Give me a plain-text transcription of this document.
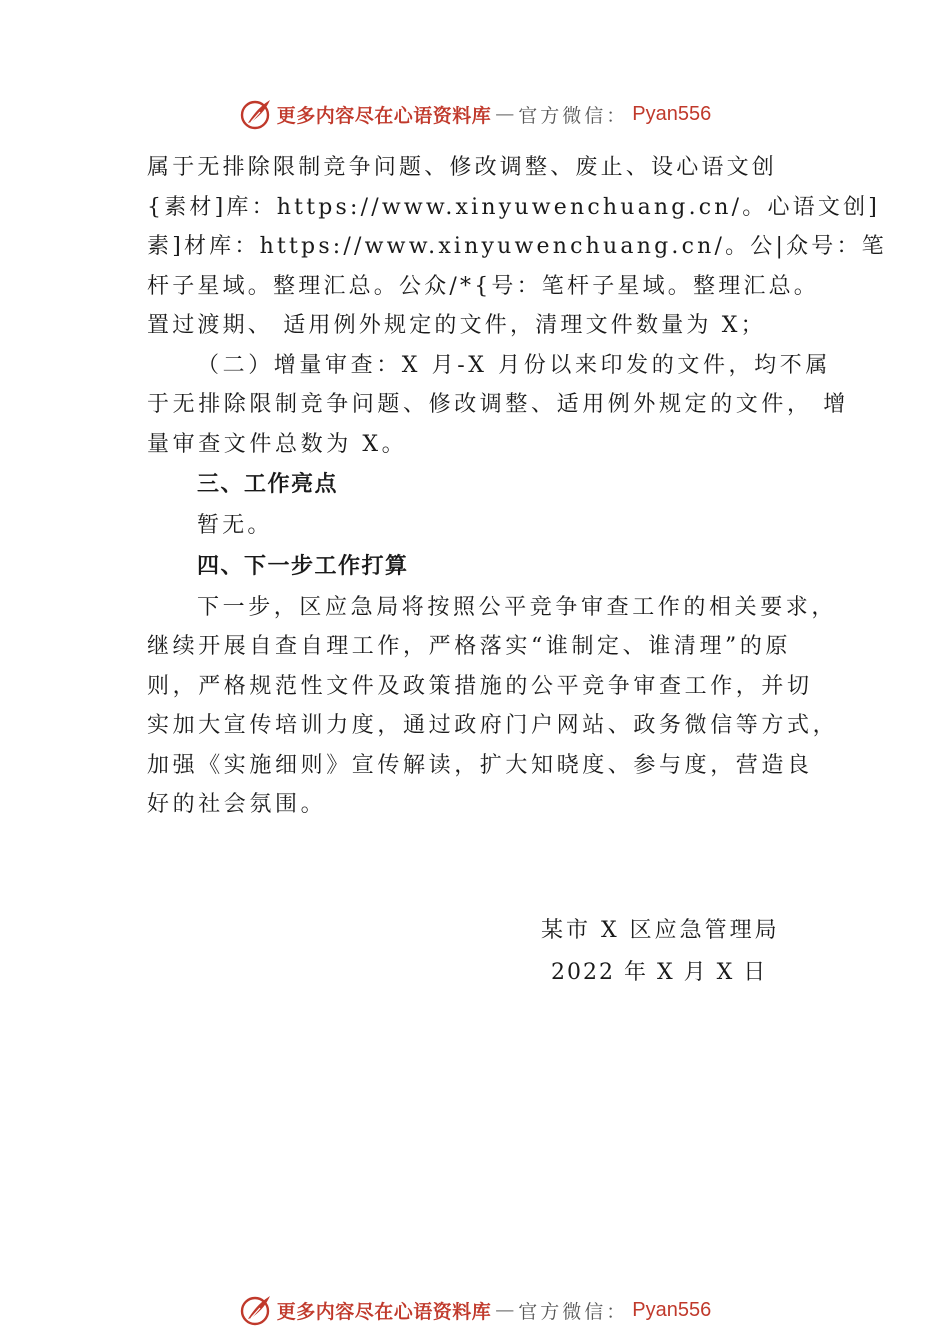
更多内容尽在心语资料库 — 官方微信： Pyan556
属于无排除限制竞争问题、修改调整、废止、设心语文创
{素材]库：https://www.xinyuwenchuang.cn/。心语文创]
素]材库：https://www.xinyuwenchuang.cn/。公|众号：笔
杆子星域。整理汇总。公众/*{号：笔杆子星域。整理汇总。
置过渡期、 适用例外规定的文件，清理文件数量为 X；
（二）增量审查：X 月-X 月份以来印发的文件，均不属
于无排除限制竞争问题、修改调整、适用例外规定的文件， 增
量审查文件总数为 X。
三、工作亮点
暂无。
四、下一步工作打算
下一步，区应急局将按照公平竞争审查工作的相关要求，
继续开展自查自理工作，严格落实“谁制定、谁清理”的原
则，严格规范性文件及政策措施的公平竞争审查工作，并切
实加大宣传培训力度，通过政府门户网站、政务微信等方式，
加强《实施细则》宣传解读，扩大知晓度、参与度，营造良
好的社会氛围。
某市 X 区应急管理局
2022 年 X 月 X 日
更多内容尽在心语资料库 — 官方微信： Pyan556
